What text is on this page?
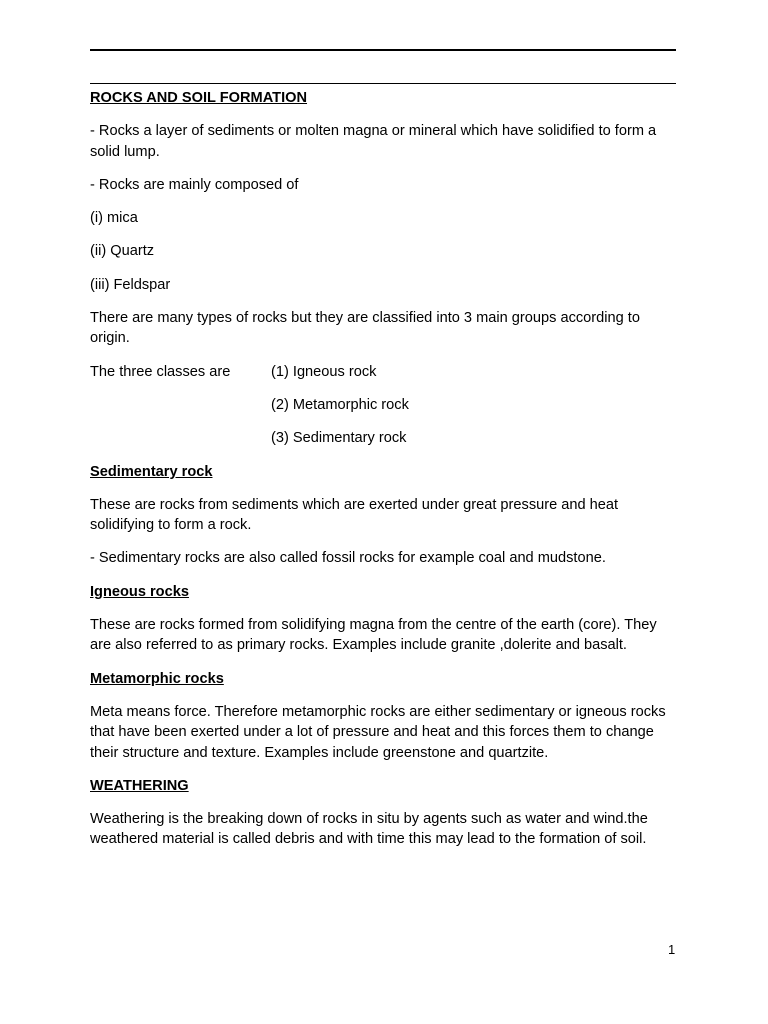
ROCKS AND SOIL FORMATION

- Rocks a layer of sediments or molten magna or mineral which have solidified to form a solid lump.

- Rocks are mainly composed of

(i) mica

(ii) Quartz

(iii) Feldspar

There are many types of rocks but they are classified into 3 main groups according to origin.

The three classes are	(1) Igneous rock
(2) Metamorphic rock
(3) Sedimentary rock

Sedimentary rock

These are rocks from sediments which are exerted under great pressure and heat solidifying to form a rock.

- Sedimentary rocks are also called fossil rocks for example coal and mudstone.

Igneous rocks

These are rocks formed from solidifying magna from the centre of the earth (core). They are also referred to as primary rocks. Examples include granite ,dolerite and basalt.

Metamorphic rocks

Meta means force. Therefore metamorphic rocks are either sedimentary or igneous rocks that have been exerted under a lot of pressure and heat and this forces them to change their structure and texture. Examples include greenstone and quartzite.

WEATHERING

Weathering is the breaking down of rocks in situ by agents such as water and wind.the weathered material is called debris and with time this may lead to the formation of soil.

1
